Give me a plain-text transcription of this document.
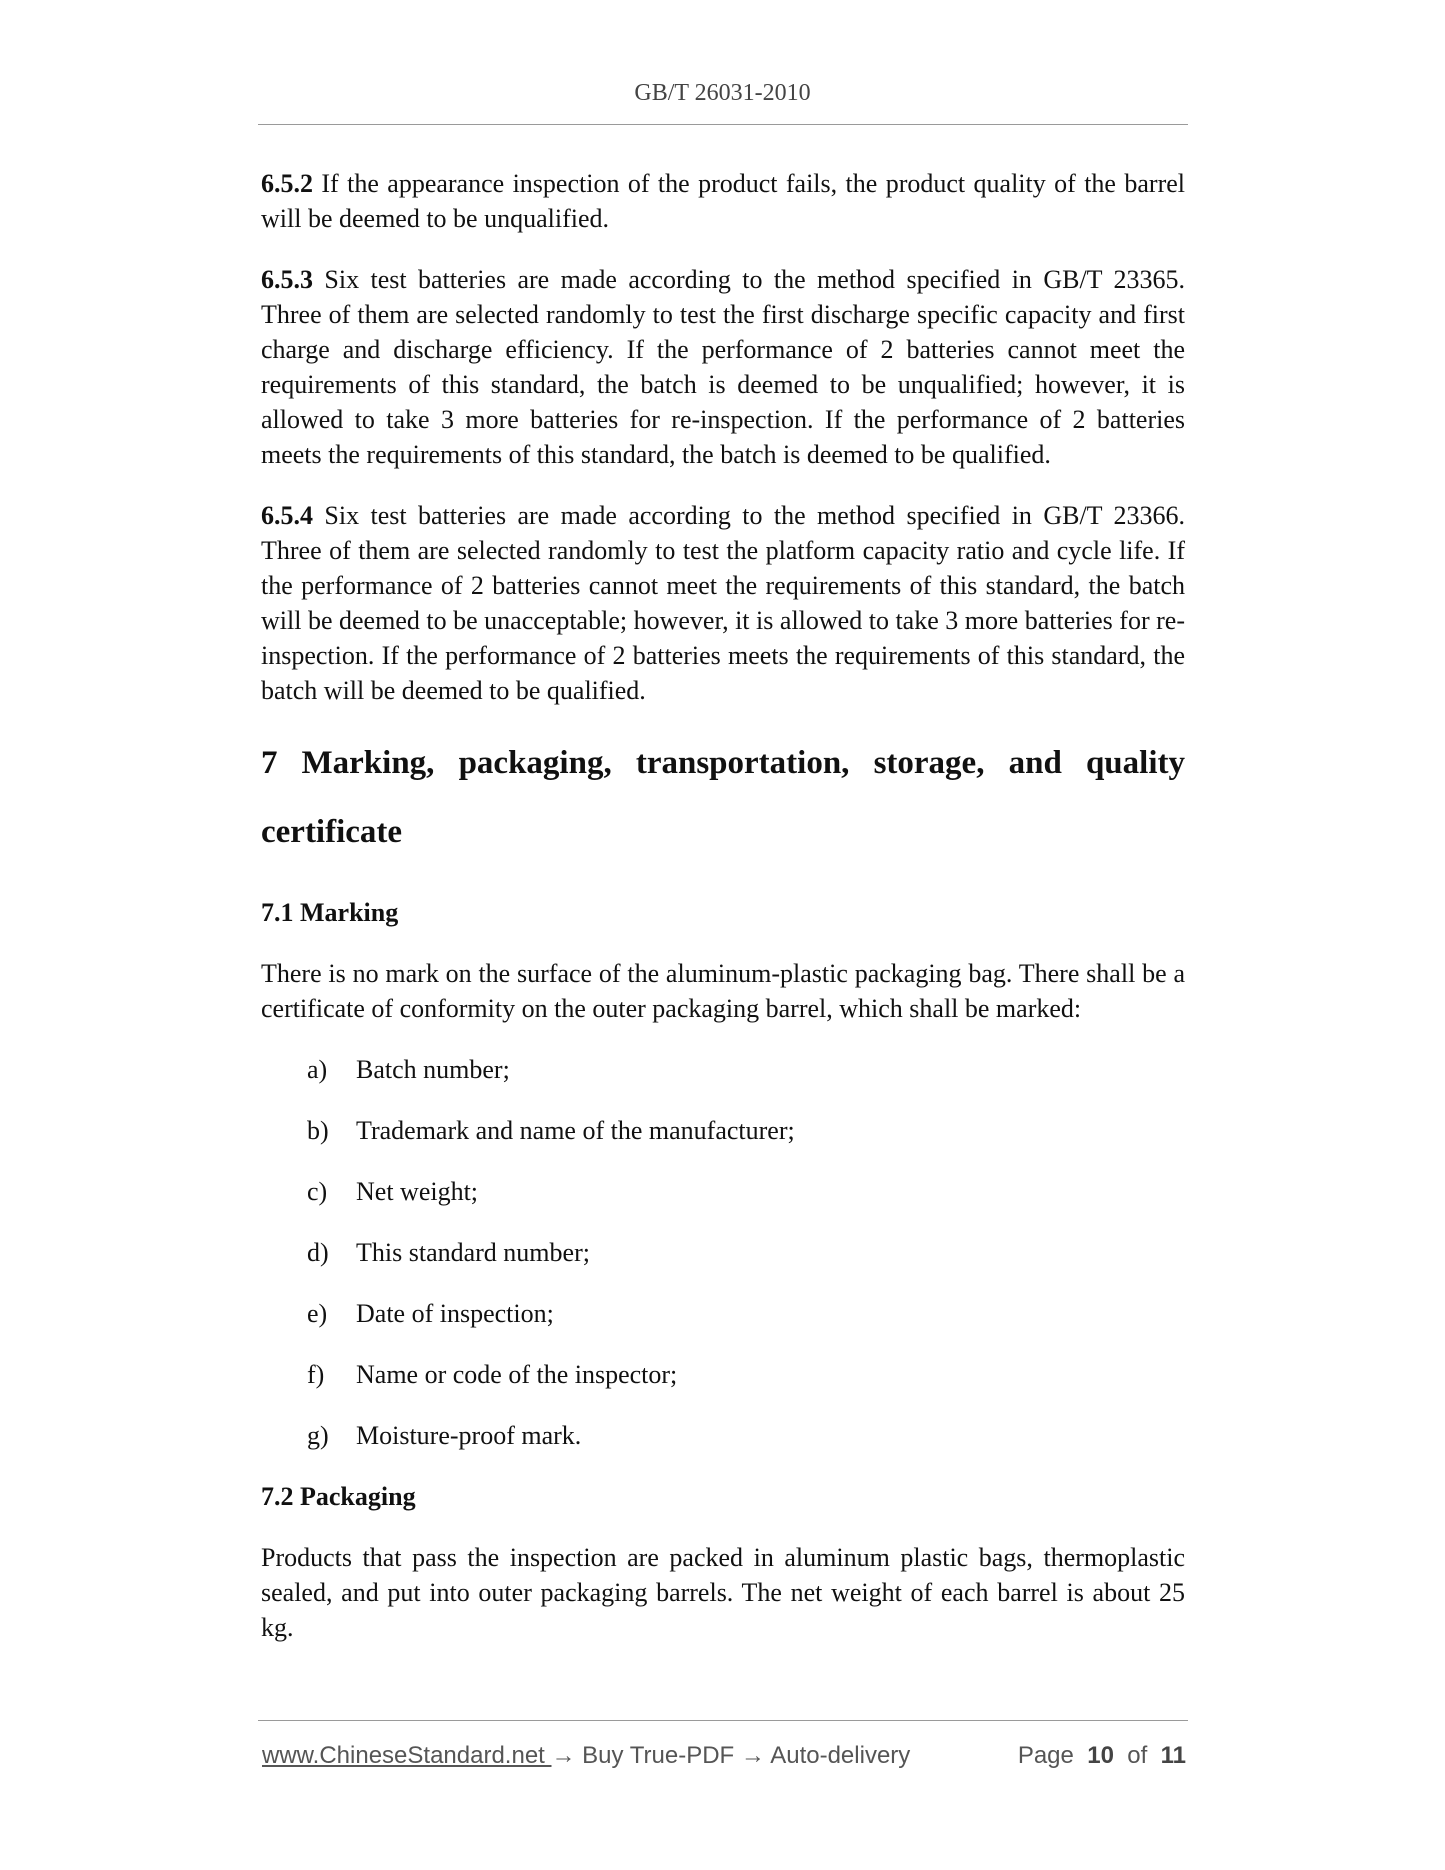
GB/T 26031-2010

6.5.2 If the appearance inspection of the product fails, the product quality of the barrel will be deemed to be unqualified.

6.5.3 Six test batteries are made according to the method specified in GB/T 23365. Three of them are selected randomly to test the first discharge specific capacity and first charge and discharge efficiency. If the performance of 2 batteries cannot meet the requirements of this standard, the batch is deemed to be unqualified; however, it is allowed to take 3 more batteries for re-inspection. If the performance of 2 batteries meets the requirements of this standard, the batch is deemed to be qualified.

6.5.4 Six test batteries are made according to the method specified in GB/T 23366. Three of them are selected randomly to test the platform capacity ratio and cycle life. If the performance of 2 batteries cannot meet the requirements of this standard, the batch will be deemed to be unacceptable; however, it is allowed to take 3 more batteries for re-inspection. If the performance of 2 batteries meets the requirements of this standard, the batch will be deemed to be qualified.

7 Marking, packaging, transportation, storage, and quality

certificate

7.1 Marking

There is no mark on the surface of the aluminum-plastic packaging bag. There shall be a certificate of conformity on the outer packaging barrel, which shall be marked:

a) Batch number;
b) Trademark and name of the manufacturer;
c) Net weight;
d) This standard number;
e) Date of inspection;
f) Name or code of the inspector;
g) Moisture-proof mark.

7.2 Packaging

Products that pass the inspection are packed in aluminum plastic bags, thermoplastic sealed, and put into outer packaging barrels. The net weight of each barrel is about 25 kg.

www.ChineseStandard.net → Buy True-PDF → Auto-delivery	Page 10 of 11
